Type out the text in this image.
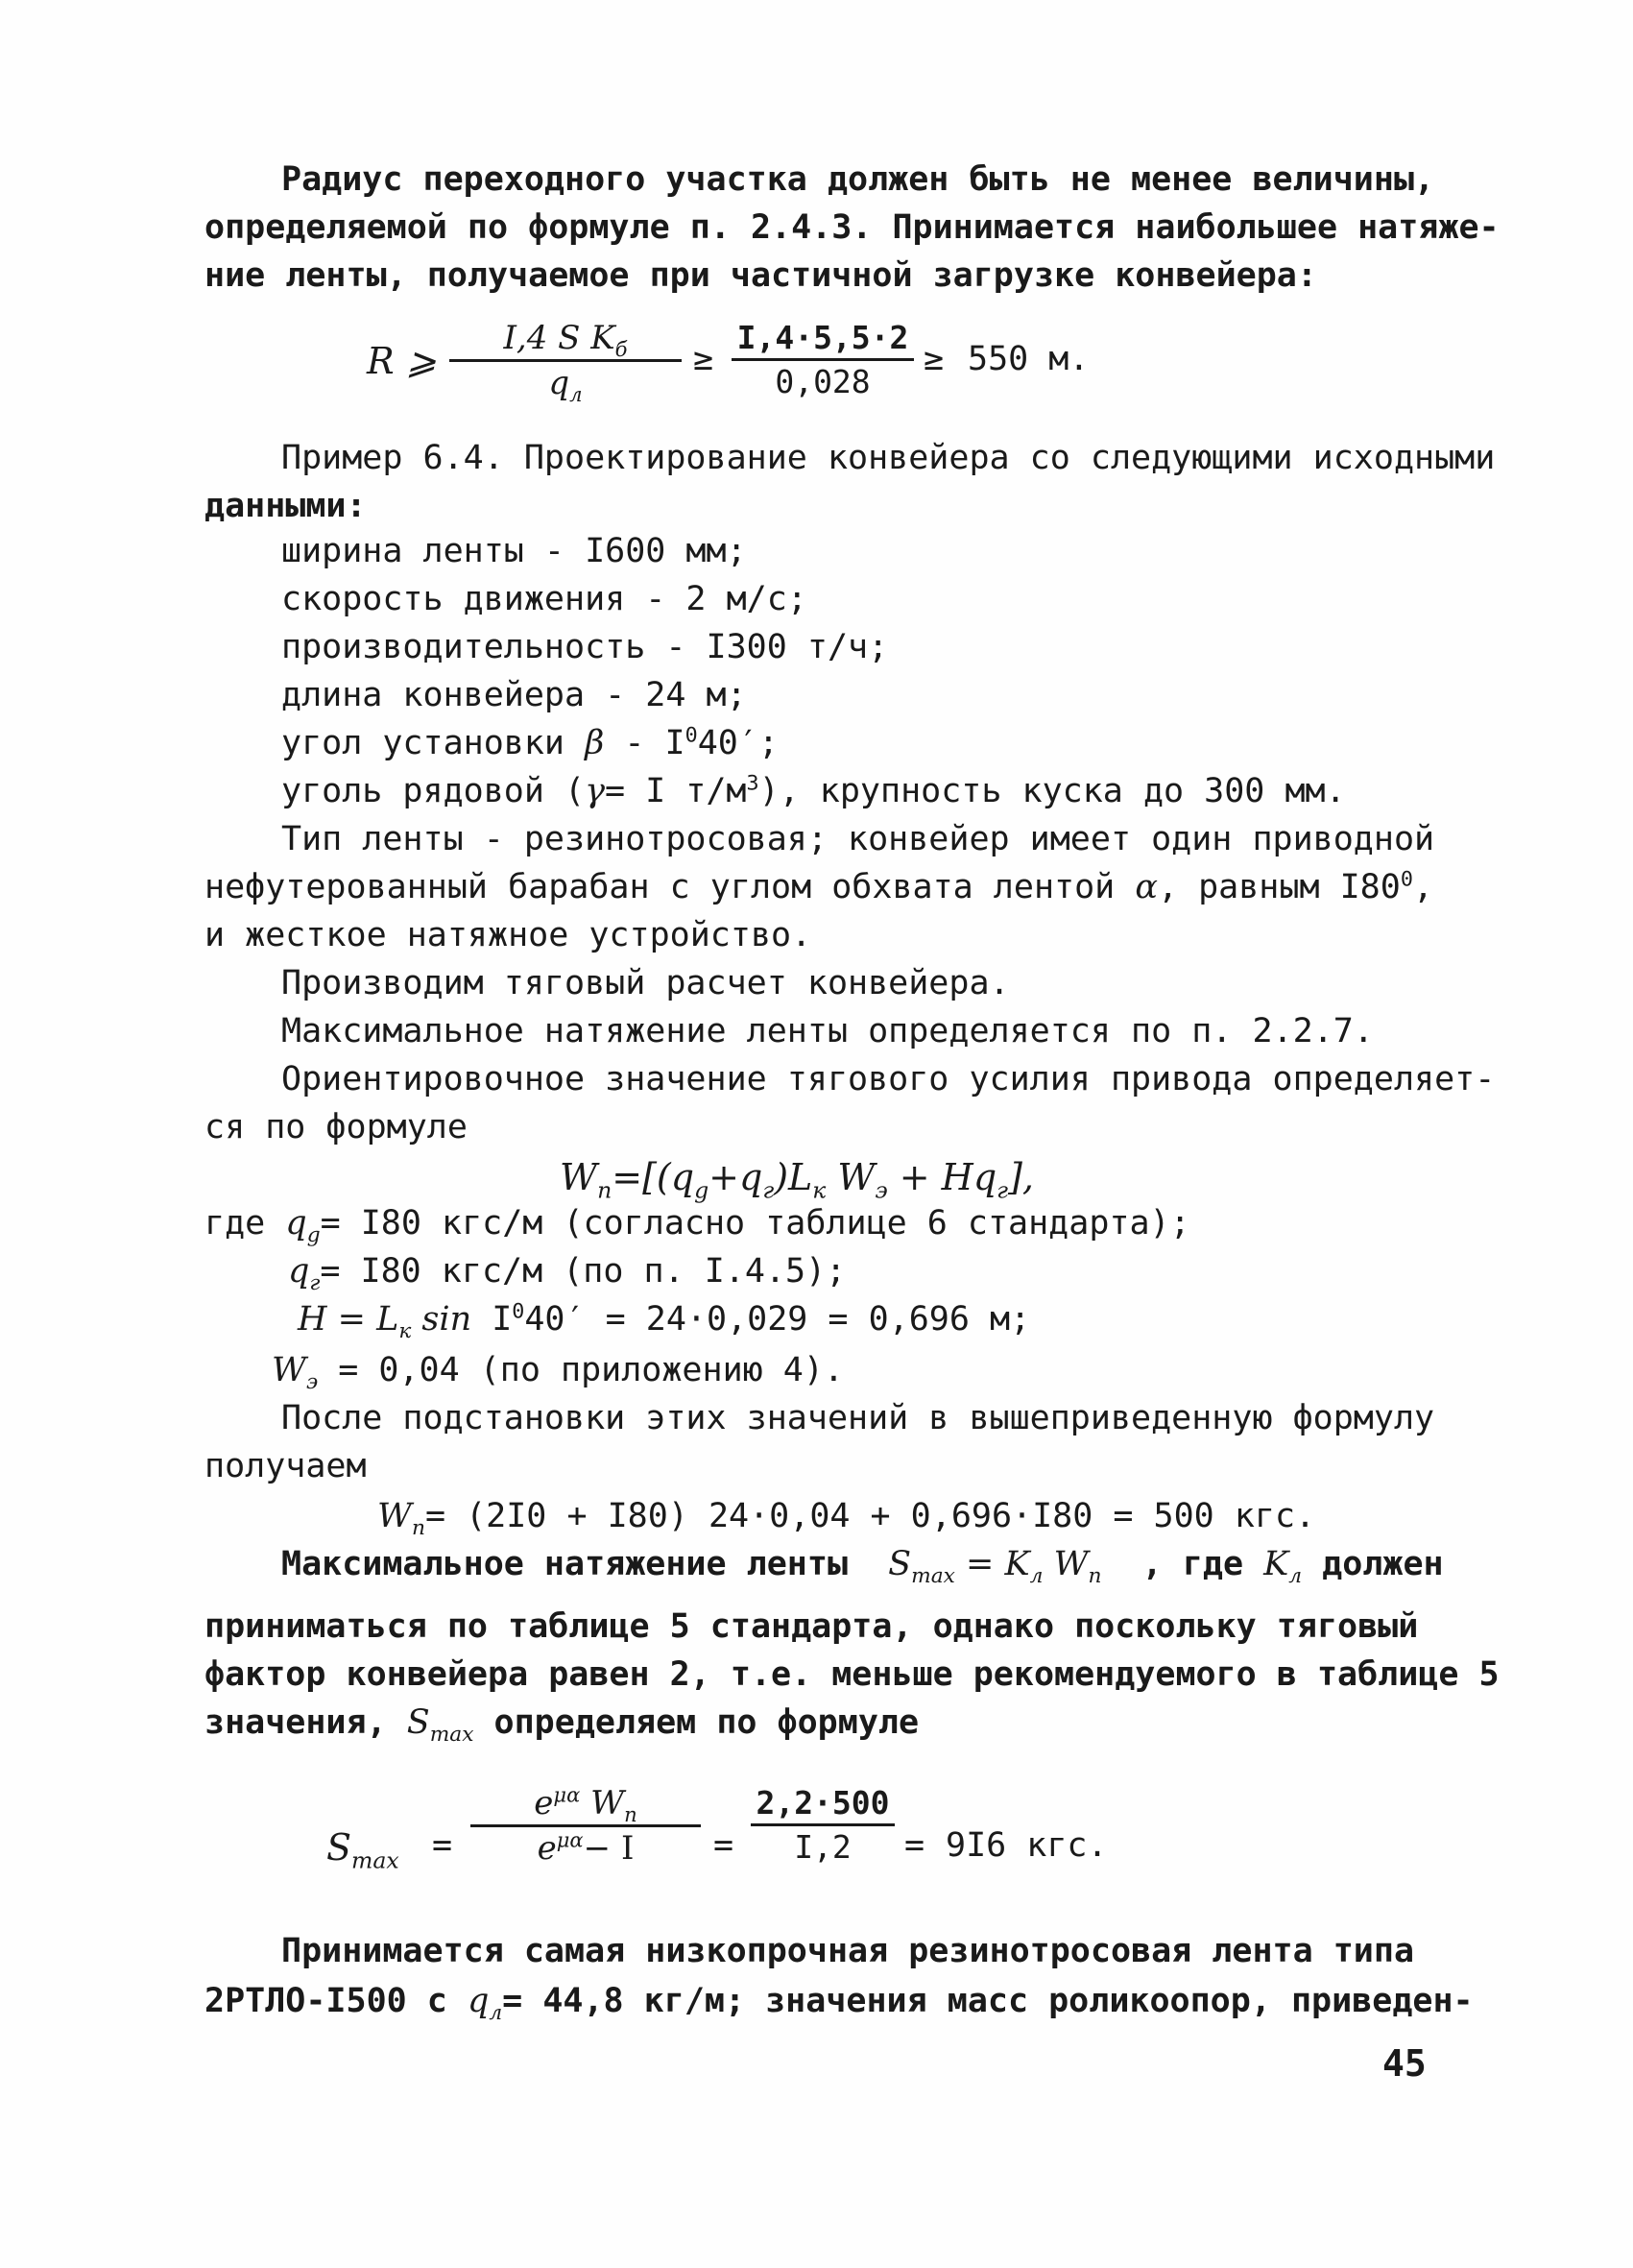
Радиус переходного участка должен быть не менее величины,
определяемой по формуле п. 2.4.3. Принимается наибольшее натяже-
ние ленты, получаемое при частичной загрузке конвейера:
R ⩾
I,4 S $K_б$
$q_л$
≥
I,4·5,5·2
0,028
≥ 550 м.
Пример 6.4. Проектирование конвейера со следующими исходными
данными:
ширина ленты - I600 мм;
скорость движения - 2 м/с;
производительность - I300 т/ч;
длина конвейера - 24 м;
угол установки β - $I^040'$;
уголь рядовой (γ= I $т/м^3$), крупность куска до 300 мм.
Тип ленты - резинотросовая; конвейер имеет один приводной
нефутерованный барабан с углом обхвата лентой α, равным $I80^0$,
и жесткое натяжное устройство.
Производим тяговый расчет конвейера.
Максимальное натяжение ленты определяется по п. 2.2.7.
Ориентировочное значение тягового усилия привода определяет-
ся по формуле
$W_п=[(q_g+q_г)L_к$ $W_э + Hq_г$],
где $q_g= I80$ кгс/м (согласно таблице 6 стандарта);
$q_г= I80$ кгс/м (по п. I.4.5);
$H = L_к$ $\sin I^040' = 24\cdot 0,029 = 0,696$ м;
$W_э = 0,04$ (по приложению 4).
После подстановки этих значений в вышеприведенную формулу
получаем
$W_п= (2I0 + I80) 24\cdot 0,04 + 0,696\cdot I80 = 500$ кгс.
Максимальное натяжение ленты $S_{max} = K_л$ $W_п$ , где $K_л$ должен
приниматься по таблице 5 стандарта, однако поскольку тяговый
фактор конвейера равен 2, т.е. меньше рекомендуемого в таблице 5
значения, $S_{max}$ определяем по формуле
$S_{max}$ =
$e^{\mu\alpha}$ $W_п$
$e^{\mu\alpha}- I$	=
2,2·500
I,2	= 9I6 кгс.
Принимается самая низкопрочная резинотросовая лента типа
2РТЛО-I500 с $q_л= 44,8$ кг/м; значения масс роликоопор, приведен-
45
